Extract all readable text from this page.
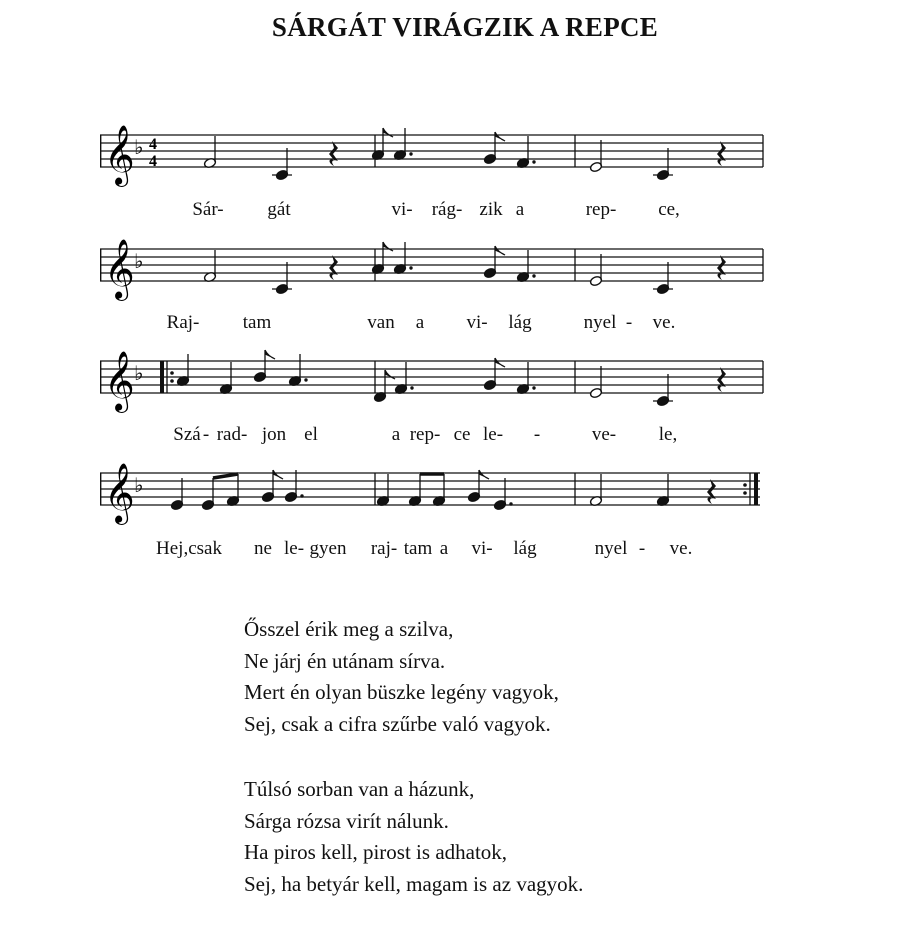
SÁRGÁT VIRÁGZIK A REPCE
𝄞 ♭ 4
4
𝄞 ♭
𝄞 ♭
𝄞 ♭
Sár- gát	vi- rág- zik a	rep- ce,
Raj- tam	van a vi- lág	nyel - ve.
Szá - rad- jon el	a rep- ce le- -	ve- le,
Hej,csak ne le- gyen raj- tam a vi- lág	nyel - ve.
Ősszel érik meg a szilva,
Ne járj én utánam sírva.
Mert én olyan büszke legény vagyok,
Sej, csak a cifra szűrbe való vagyok.
Túlsó sorban van a házunk,
Sárga rózsa virít nálunk.
Ha piros kell, pirost is adhatok,
Sej, ha betyár kell, magam is az vagyok.
